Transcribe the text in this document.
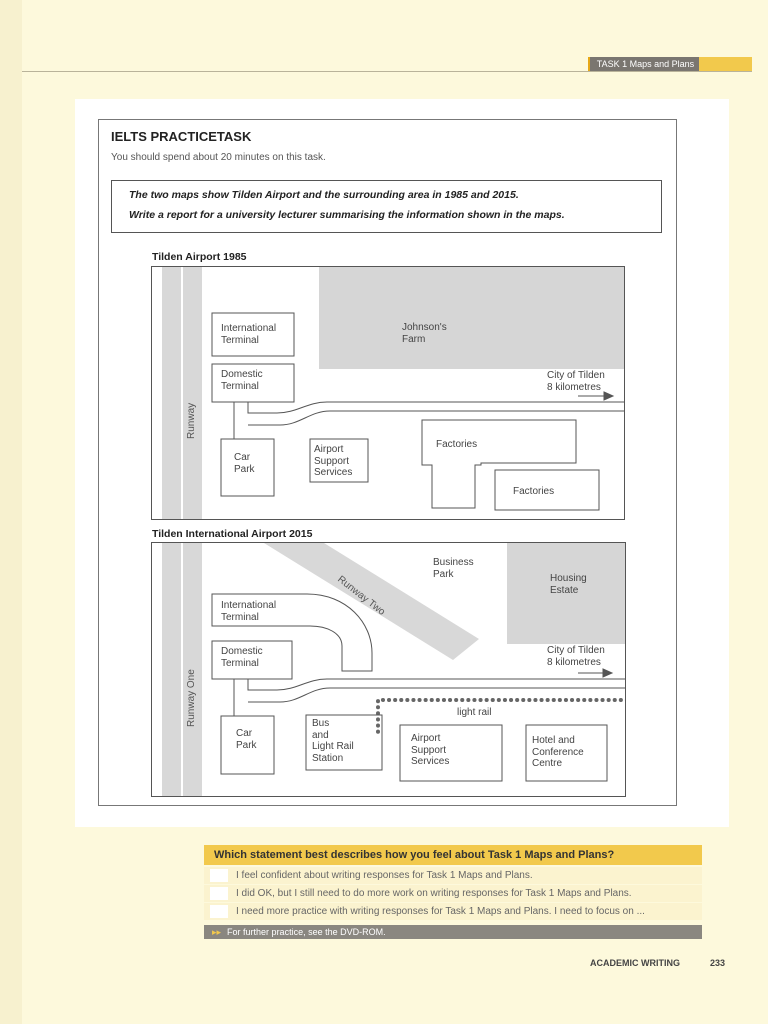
TASK 1 Maps and Plans
IELTS PRACTICETASK
You should spend about 20 minutes on this task.
The two maps show Tilden Airport and the surrounding area in 1985 and 2015.
Write a report for a university lecturer summarising the information shown in the maps.
Tilden Airport 1985
Runway
International
Terminal
Domestic
Terminal
Car
Park
Airport
Support
Services
Johnson's
Farm
City of Tilden
8 kilometres
Factories
Factories
Tilden International Airport 2015
Runway One
Runway Two
International
Terminal
Domestic
Terminal
Car
Park
Bus
and
Light Rail
Station
Airport
Support
Services
Hotel and
Conference
Centre
Business
Park	Housing
Estate
City of Tilden
8 kilometres
light rail
Which statement best describes how you feel about Task 1 Maps and Plans?
I feel confident about writing responses for Task 1 Maps and Plans.
I did OK, but I still need to do more work on writing responses for Task 1 Maps and Plans.
I need more practice with writing responses for Task 1 Maps and Plans. I need to focus on ...
▸▸ For further practice, see the DVD-ROM.
ACADEMIC WRITING	233
